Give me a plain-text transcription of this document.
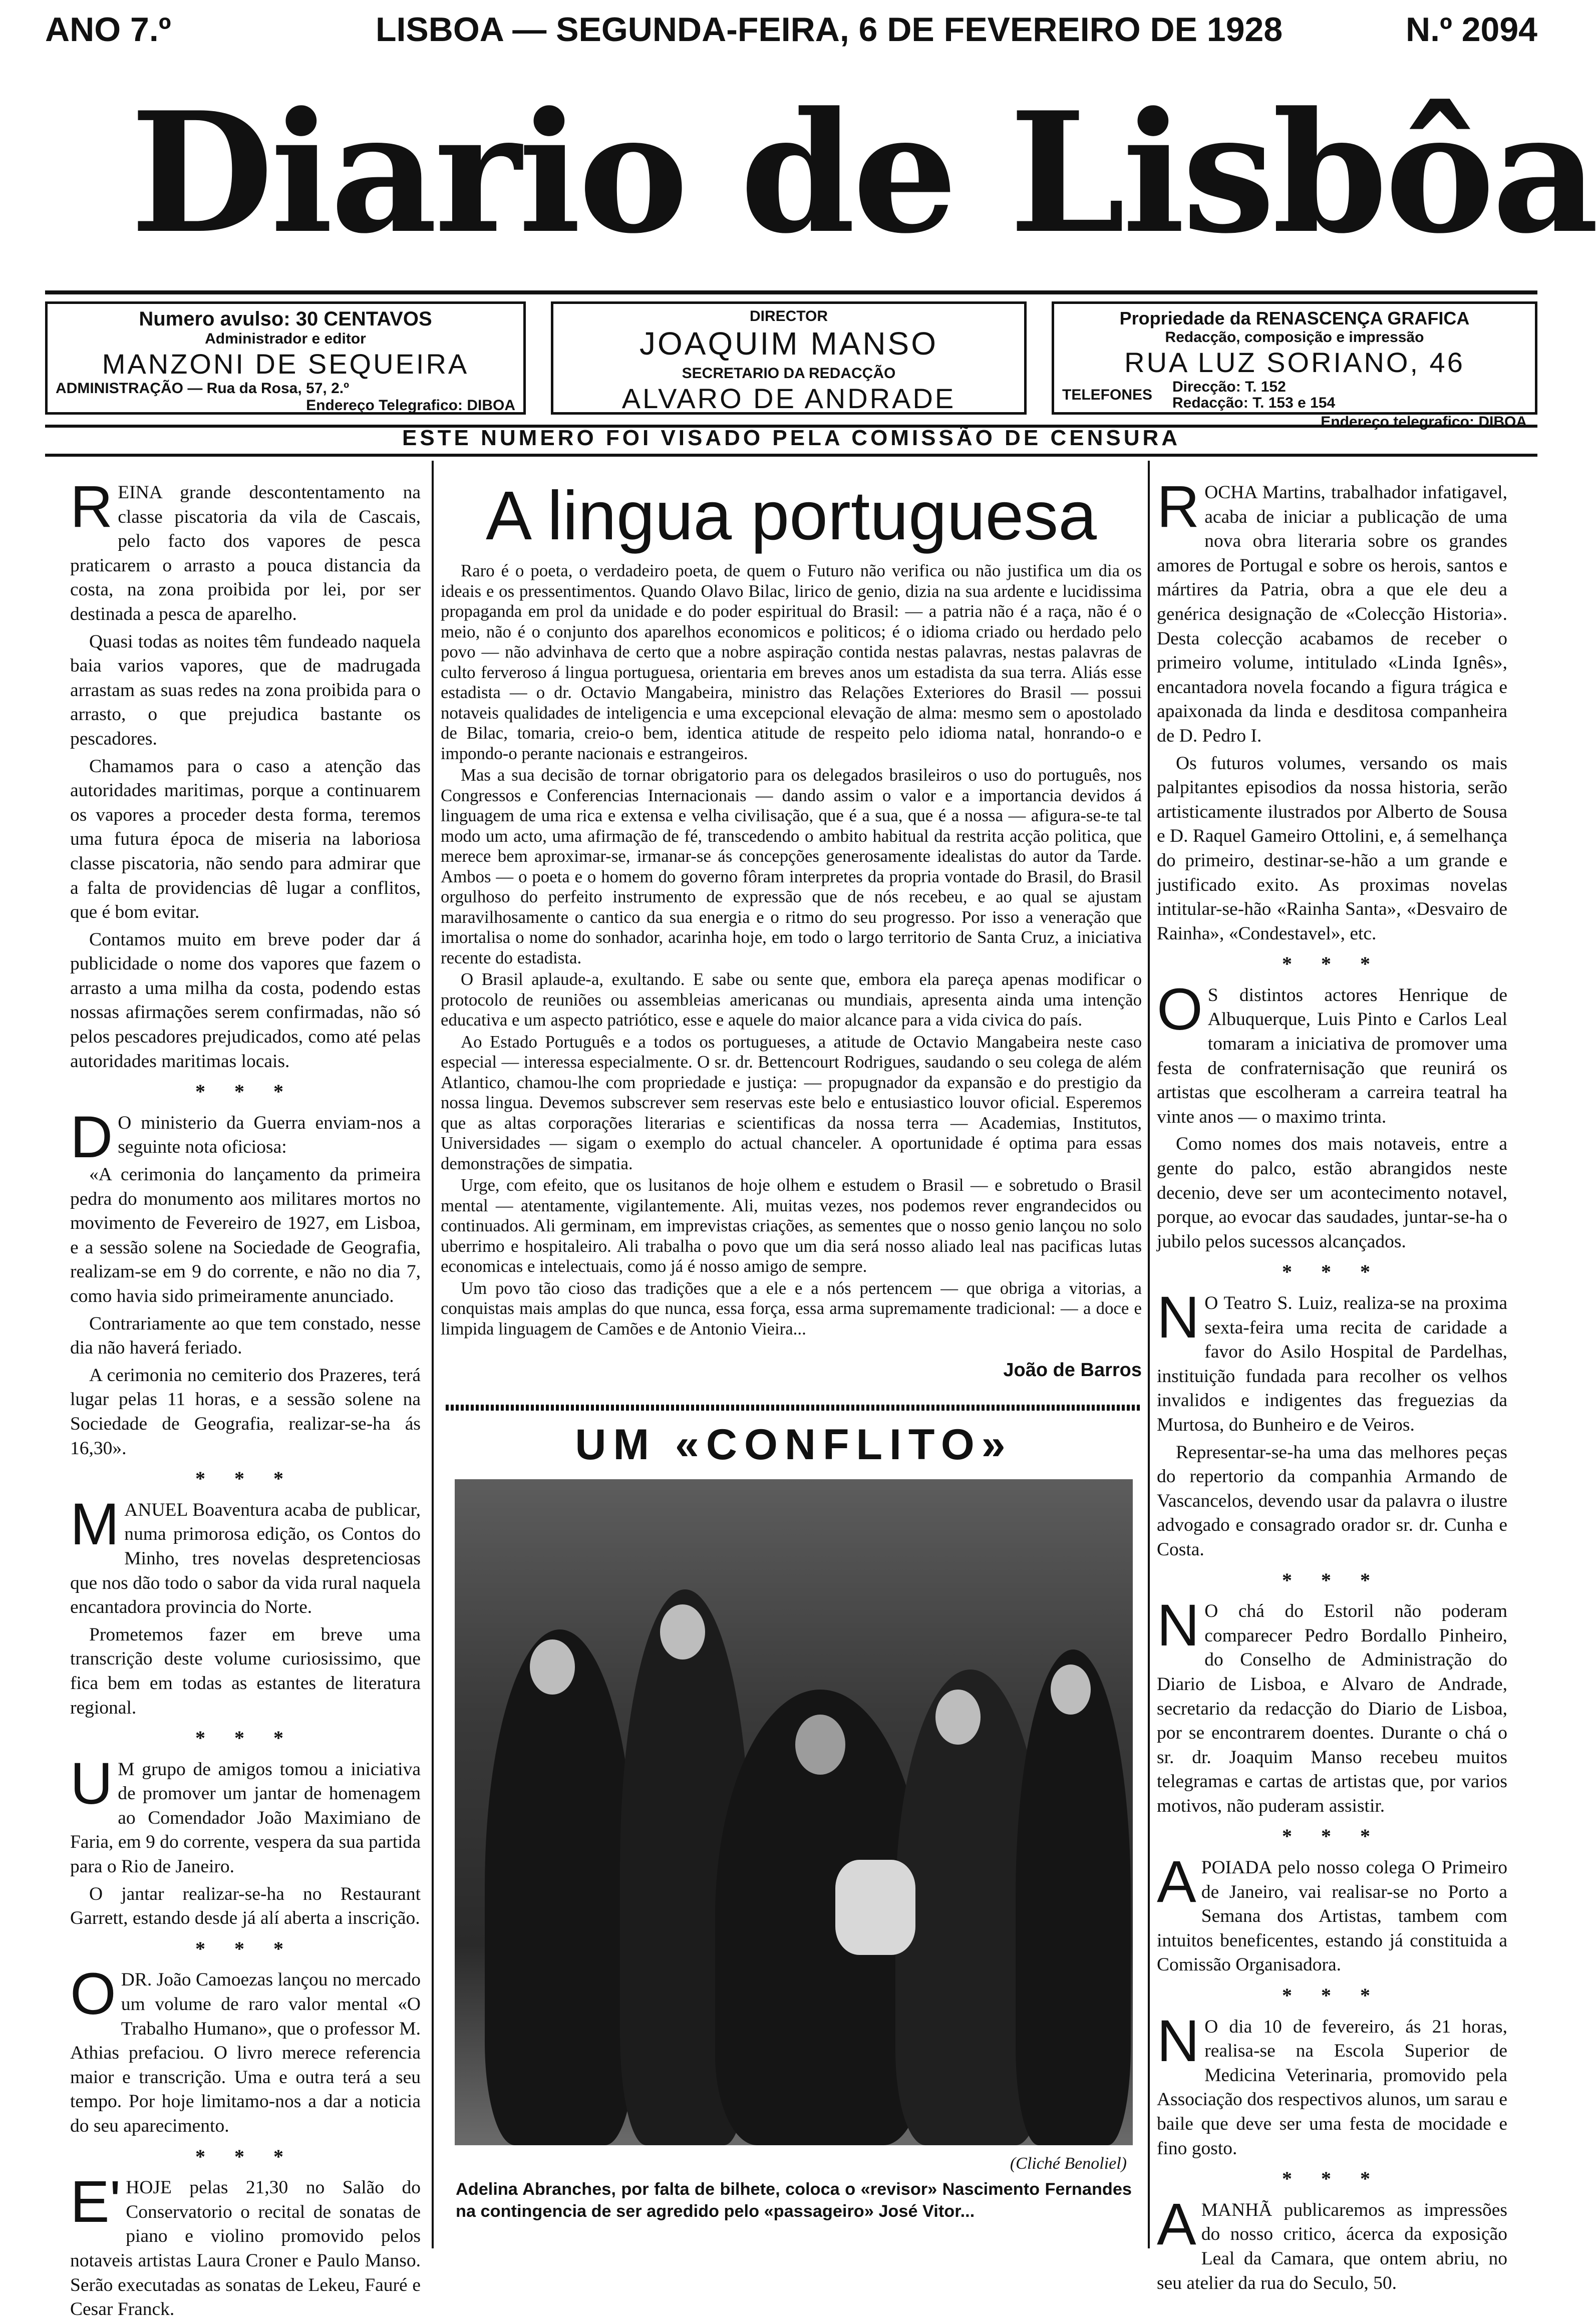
ANO 7.º	LISBOA — SEGUNDA-FEIRA, 6 DE FEVEREIRO DE 1928	N.º 2094
Diario de Lisbôa
Numero avulso: 30 CENTAVOS
Administrador e editor
MANZONI DE SEQUEIRA
ADMINISTRAÇÃO — Rua da Rosa, 57, 2.º
Endereço Telegrafico: DIBOA
DIRECTOR
JOAQUIM MANSO
SECRETARIO DA REDACÇÃO
ALVARO DE ANDRADE
Propriedade da RENASCENÇA GRAFICA
Redacção, composição e impressão
RUA LUZ SORIANO, 46
TELEFONES Direcção: T. 152
Redacção: T. 153 e 154
Endereço telegrafico: DIBOA
ESTE NUMERO FOI VISADO PELA COMISSÃO DE CENSURA

REINA grande descontentamento na classe piscatoria da vila de Cascais, pelo facto dos vapores de pesca praticarem o arrasto a pouca distancia da costa, na zona proibida por lei, por ser destinada a pesca de aparelho.

Quasi todas as noites têm fundeado naquela baia varios vapores, que de madrugada arrastam as suas redes na zona proibida para o arrasto, o que prejudica bastante os pescadores.

Chamamos para o caso a atenção das autoridades maritimas, porque a continuarem os vapores a proceder desta forma, teremos uma futura época de miseria na laboriosa classe piscatoria, não sendo para admirar que a falta de providencias dê lugar a conflitos, que é bom evitar.

Contamos muito em breve poder dar á publicidade o nome dos vapores que fazem o arrasto a uma milha da costa, podendo estas nossas afirmações serem confirmadas, não só pelos pescadores prejudicados, como até pelas autoridades maritimas locais.

* * *

D O ministerio da Guerra enviam-nos a seguinte nota oficiosa:

«A cerimonia do lançamento da primeira pedra do monumento aos militares mortos no movimento de Fevereiro de 1927, em Lisboa, e a sessão solene na Sociedade de Geografia, realizam-se em 9 do corrente, e não no dia 7, como havia sido primeiramente anunciado.

Contrariamente ao que tem constado, nesse dia não haverá feriado.

A cerimonia no cemiterio dos Prazeres, terá lugar pelas 11 horas, e a sessão solene na Sociedade de Geografia, realizar-se-ha ás 16,30».

* * *

MANUEL Boaventura acaba de publicar, numa primorosa edição, os Contos do Minho, tres novelas despretenciosas que nos dão todo o sabor da vida rural naquela encantadora provincia do Norte.

Prometemos fazer em breve uma transcrição deste volume curiosissimo, que fica bem em todas as estantes de literatura regional.

* * *

U M grupo de amigos tomou a iniciativa de promover um jantar de homenagem ao Comendador João Maximiano de Faria, em 9 do corrente, vespera da sua partida para o Rio de Janeiro.

O jantar realizar-se-ha no Restaurant Garrett, estando desde já alí aberta a inscrição.

* * *

ODR. João Camoezas lançou no mercado um volume de raro valor mental «O Trabalho Humano», que o professor M. Athias prefaciou. O livro merece referencia maior e transcrição. Uma e outra terá a seu tempo. Por hoje limitamo-nos a dar a noticia do seu aparecimento.

* * *

E' HOJE pelas 21,30 no Salão do Conservatorio o recital de sonatas de piano e violino promovido pelos notaveis artistas Laura Croner e Paulo Manso. Serão executadas as sonatas de Lekeu, Fauré e Cesar Franck.

A lingua portuguesa

Raro é o poeta, o verdadeiro poeta, de quem o Futuro não verifica ou não justifica um dia os ideais e os pressentimentos. Quando Olavo Bilac, lirico de genio, dizia na sua ardente e lucidissima propaganda em prol da unidade e do poder espiritual do Brasil: — a patria não é a raça, não é o meio, não é o conjunto dos aparelhos economicos e politicos; é o idioma criado ou herdado pelo povo — não advinhava de certo que a nobre aspiração contida nestas palavras, nestas palavras de culto ferveroso á lingua portuguesa, orientaria em breves anos um estadista da sua terra. Aliás esse estadista — o dr. Octavio Mangabeira, ministro das Relações Exteriores do Brasil — possui notaveis qualidades de inteligencia e uma excepcional elevação de alma: mesmo sem o apostolado de Bilac, tomaria, creio-o bem, identica atitude de respeito pelo idioma natal, honrando-o e impondo-o perante nacionais e estrangeiros.

Mas a sua decisão de tornar obrigatorio para os delegados brasileiros o uso do português, nos Congressos e Conferencias Internacionais — dando assim o valor e a importancia devidos á linguagem de uma rica e extensa e velha civilisação, que é a sua, que é a nossa — afigura-se-te tal modo um acto, uma afirmação de fé, transcedendo o ambito habitual da restrita acção politica, que merece bem aproximar-se, irmanar-se ás concepções generosamente idealistas do autor da Tarde. Ambos — o poeta e o homem do governo fôram interpretes da propria vontade do Brasil, do Brasil orgulhoso do perfeito instrumento de expressão que de nós recebeu, e ao qual se ajustam maravilhosamente o cantico da sua energia e o ritmo do seu progresso. Por isso a veneração que imortalisa o nome do sonhador, acarinha hoje, em todo o largo territorio de Santa Cruz, a iniciativa recente do estadista.

O Brasil aplaude-a, exultando. E sabe ou sente que, embora ela pareça apenas modificar o protocolo de reuniões ou assembleias americanas ou mundiais, apresenta ainda uma intenção educativa e um aspecto patriótico, esse e aquele do maior alcance para a vida civica do país.

Ao Estado Português e a todos os portugueses, a atitude de Octavio Mangabeira neste caso especial — interessa especialmente. O sr. dr. Bettencourt Rodrigues, saudando o seu colega de além Atlantico, chamou-lhe com propriedade e justiça: — propugnador da expansão e do prestigio da nossa lingua. Devemos subscrever sem reservas este belo e entusiastico louvor oficial. Esperemos que as altas corporações literarias e scientificas da nossa terra — Academias, Institutos, Universidades — sigam o exemplo do actual chanceler. A oportunidade é optima para essas demonstrações de simpatia.

Urge, com efeito, que os lusitanos de hoje olhem e estudem o Brasil — e sobretudo o Brasil mental — atentamente, vigilantemente. Ali, muitas vezes, nos podemos rever engrandecidos ou continuados. Ali germinam, em imprevistas criações, as sementes que o nosso genio lançou no solo uberrimo e hospitaleiro. Ali trabalha o povo que um dia será nosso aliado leal nas pacificas lutas economicas e intelectuais, como já é nosso amigo de sempre.

Um povo tão cioso das tradições que a ele e a nós pertencem — que obriga a vitorias, a conquistas mais amplas do que nunca, essa força, essa arma supremamente tradicional: — a doce e limpida linguagem de Camões e de Antonio Vieira...

João de Barros
UM «CONFLITO»
(Cliché Benoliel)
Adelina Abranches, por falta de bilhete, coloca o «revisor» Nascimento Fernandes na contingencia de ser agredido pelo «passageiro» José Vitor...

ROCHA Martins, trabalhador infatigavel, acaba de iniciar a publicação de uma nova obra literaria sobre os grandes amores de Portugal e sobre os herois, santos e mártires da Patria, obra a que ele deu a genérica designação de «Colecção Historia». Desta colecção acabamos de receber o primeiro volume, intitulado «Linda Ignês», encantadora novela focando a figura trágica e apaixonada da linda e desditosa companheira de D. Pedro I.

Os futuros volumes, versando os mais palpitantes episodios da nossa historia, serão artisticamente ilustrados por Alberto de Sousa e D. Raquel Gameiro Ottolini, e, á semelhança do primeiro, destinar-se-hão a um grande e justificado exito. As proximas novelas intitular-se-hão «Rainha Santa», «Desvairo de Rainha», «Condestavel», etc.

* * *

O S distintos actores Henrique de Albuquerque, Luis Pinto e Carlos Leal tomaram a iniciativa de promover uma festa de confraternisação que reunirá os artistas que escolheram a carreira teatral ha vinte anos — o maximo trinta.

Como nomes dos mais notaveis, entre a gente do palco, estão abrangidos neste decenio, deve ser um acontecimento notavel, porque, ao evocar das saudades, juntar-se-ha o jubilo pelos sucessos alcançados.

* * *

N O Teatro S. Luiz, realiza-se na proxima sexta-feira uma recita de caridade a favor do Asilo Hospital de Pardelhas, instituição fundada para recolher os velhos invalidos e indigentes das freguezias da Murtosa, do Bunheiro e de Veiros.

Representar-se-ha uma das melhores peças do repertorio da companhia Armando de Vascancelos, devendo usar da palavra o ilustre advogado e consagrado orador sr. dr. Cunha e Costa.

* * *

N O chá do Estoril não poderam comparecer Pedro Bordallo Pinheiro, do Conselho de Administração do Diario de Lisboa, e Alvaro de Andrade, secretario da redacção do Diario de Lisboa, por se encontrarem doentes. Durante o chá o sr. dr. Joaquim Manso recebeu muitos telegramas e cartas de artistas que, por varios motivos, não puderam assistir.

* * *

APOIADA pelo nosso colega O Primeiro de Janeiro, vai realisar-se no Porto a Semana dos Artistas, tambem com intuitos beneficentes, estando já constituida a Comissão Organisadora.

* * *

N O dia 10 de fevereiro, ás 21 horas, realisa-se na Escola Superior de Medicina Veterinaria, promovido pela Associação dos respectivos alunos, um sarau e baile que deve ser uma festa de mocidade e fino gosto.

* * *

AMANHÃ publicaremos as impressões do nosso critico, ácerca da exposição Leal da Camara, que ontem abriu, no seu atelier da rua do Seculo, 50.
